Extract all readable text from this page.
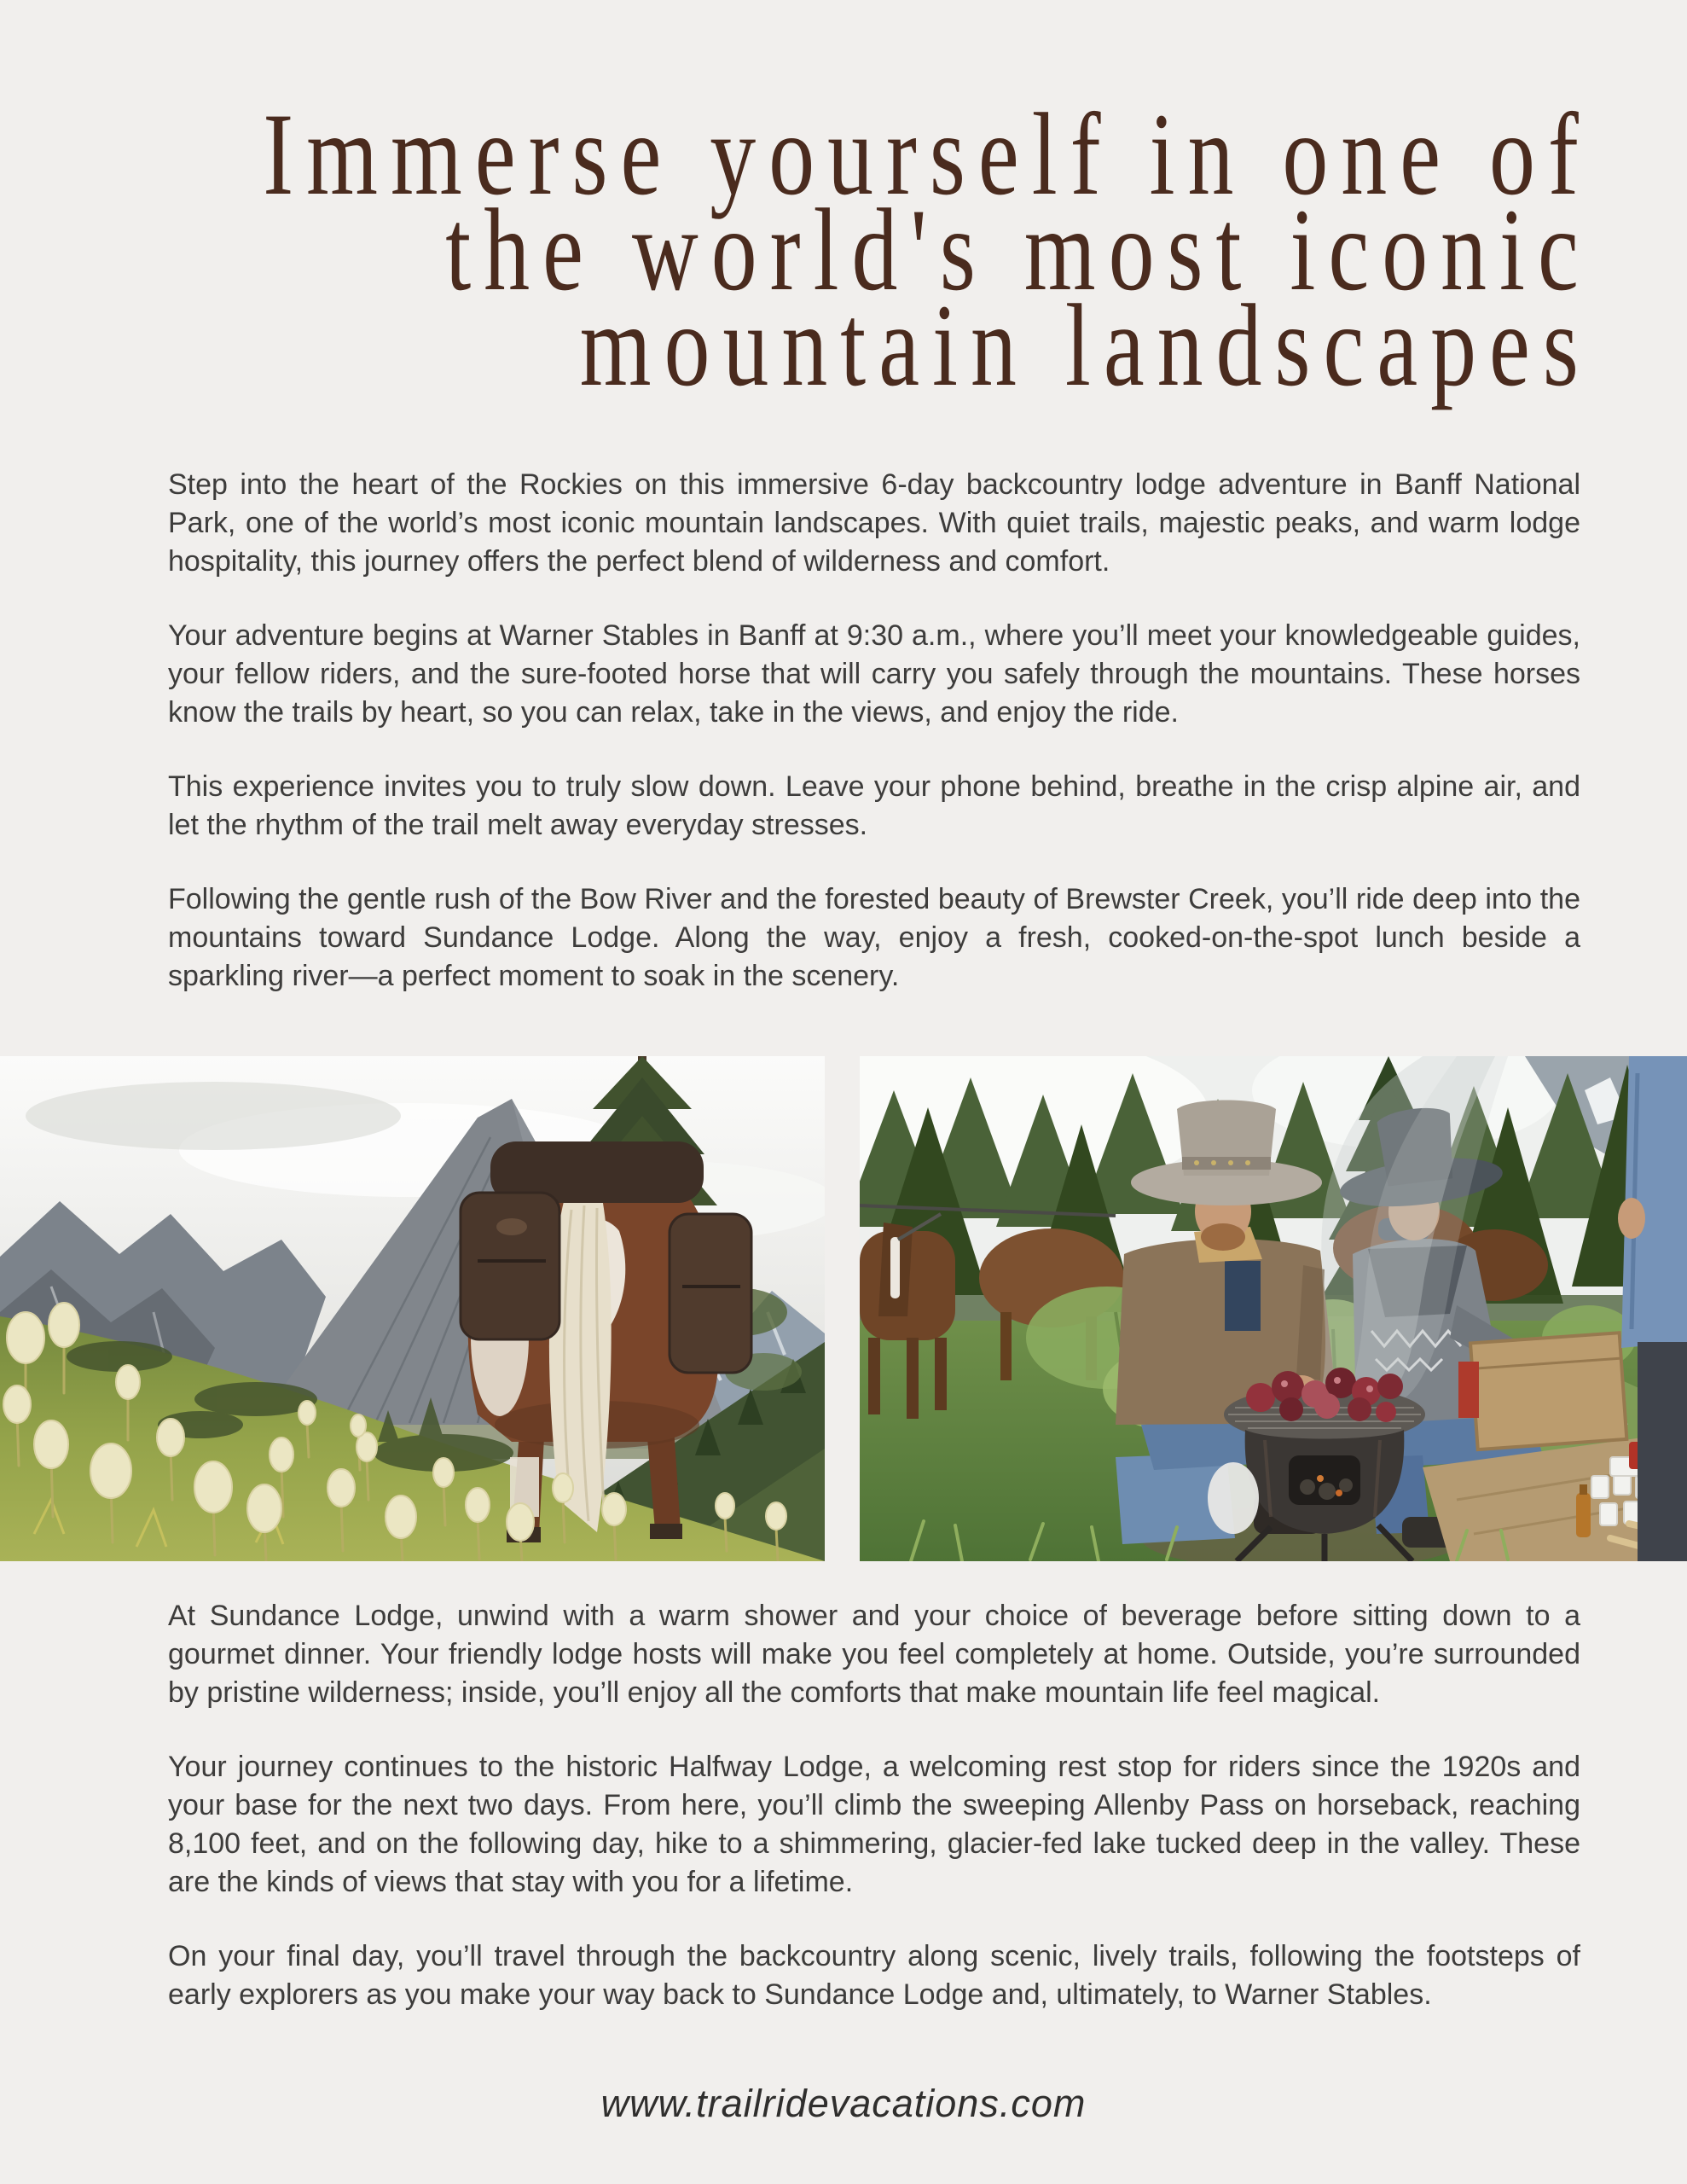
Immerse yourself in one of
the world's most iconic
mountain landscapes

Step into the heart of the Rockies on this immersive 6-day backcountry lodge adventure in Banff National Park, one of the world’s most iconic mountain landscapes. With quiet trails, majestic peaks, and warm lodge hospitality, this journey offers the perfect blend of wilderness and comfort.

Your adventure begins at Warner Stables in Banff at 9:30 a.m., where you’ll meet your knowledgeable guides, your fellow riders, and the sure-footed horse that will carry you safely through the mountains. These horses know the trails by heart, so you can relax, take in the views, and enjoy the ride.

This experience invites you to truly slow down. Leave your phone behind, breathe in the crisp alpine air, and let the rhythm of the trail melt away everyday stresses.

Following the gentle rush of the Bow River and the forested beauty of Brewster Creek, you’ll ride deep into the mountains toward Sundance Lodge. Along the way, enjoy a fresh, cooked-on-the-spot lunch beside a sparkling river—a perfect moment to soak in the scenery.

At Sundance Lodge, unwind with a warm shower and your choice of beverage before sitting down to a gourmet dinner. Your friendly lodge hosts will make you feel completely at home. Outside, you’re surrounded by pristine wilderness; inside, you’ll enjoy all the comforts that make mountain life feel magical.

Your journey continues to the historic Halfway Lodge, a welcoming rest stop for riders since the 1920s and your base for the next two days. From here, you’ll climb the sweeping Allenby Pass on horseback, reaching 8,100 feet, and on the following day, hike to a shimmering, glacier-fed lake tucked deep in the valley. These are the kinds of views that stay with you for a lifetime.

On your final day, you’ll travel through the backcountry along scenic, lively trails, following the footsteps of early explorers as you make your way back to Sundance Lodge and, ultimately, to Warner Stables.

www.trailridevacations.com
